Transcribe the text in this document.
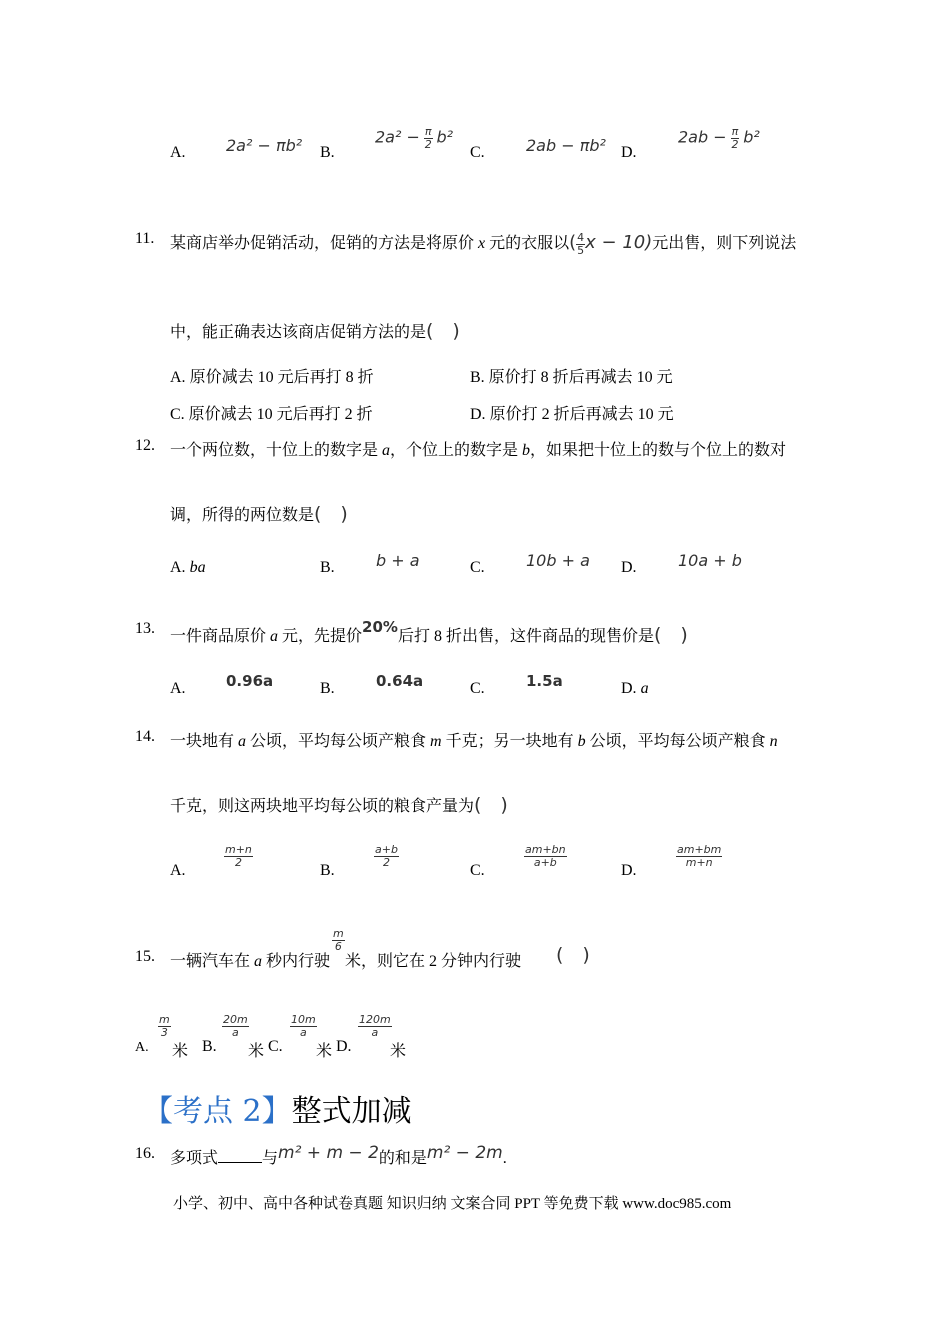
A.	2a² − πb² B.
$2a^2 - \frac{\pi}{2} b^2$
C.	2ab − πb² D.
$2ab - \frac{\pi}{2} b^2$
11. 某商店举办促销活动，促销的方法是将原价 x 元的衣服以( $\frac{4}{5}$ x − 10)元出售，则下列说法
中，能正确表达该商店促销方法的是(　)
A. 原价减去 10 元后再打 8 折	B. 原价打 8 折后再减去 10 元
C. 原价减去 10 元后再打 2 折	D. 原价打 2 折后再减去 10 元
12. 一个两位数，十位上的数字是 a，个位上的数字是 b，如果把十位上的数与个位上的数对
调，所得的两位数是(　)
A. ba	B.	b + a	C.	10b + a D.	10a + b
13. 一件商品原价 a 元，先提价20%后打 8 折出售，这件商品的现售价是(　)
A.	0.96a	B.	0.64a	C.	1.5a	D. a
14. 一块地有 a 公顷，平均每公顷产粮食 m 千克；另一块地有 b 公顷，平均每公顷产粮食 n
千克，则这两块地平均每公顷的粮食产量为(　)
A.
$\frac{m+n}{2}$
B.
$\frac{a+b}{2}$
C.
$\frac{am+bn}{a+b}$
D.
$\frac{am+bm}{m+n}$
15. 一辆汽车在 a 秒内行驶
$\frac{m}{6}$
米，则它在 2 分钟内行驶 (　)
A.
$\frac{m}{3}$
米 B.
$\frac{20m}{a}$
米 C.
$\frac{10m}{a}$
米 D.
$\frac{120m}{a}$
米
【考点 2】整式加减
16. 多项式	与m² + m − 2的和是m² − 2m.
小学、初中、高中各种试卷真题 知识归纳 文案合同 PPT 等免费下载 www.doc985.com
